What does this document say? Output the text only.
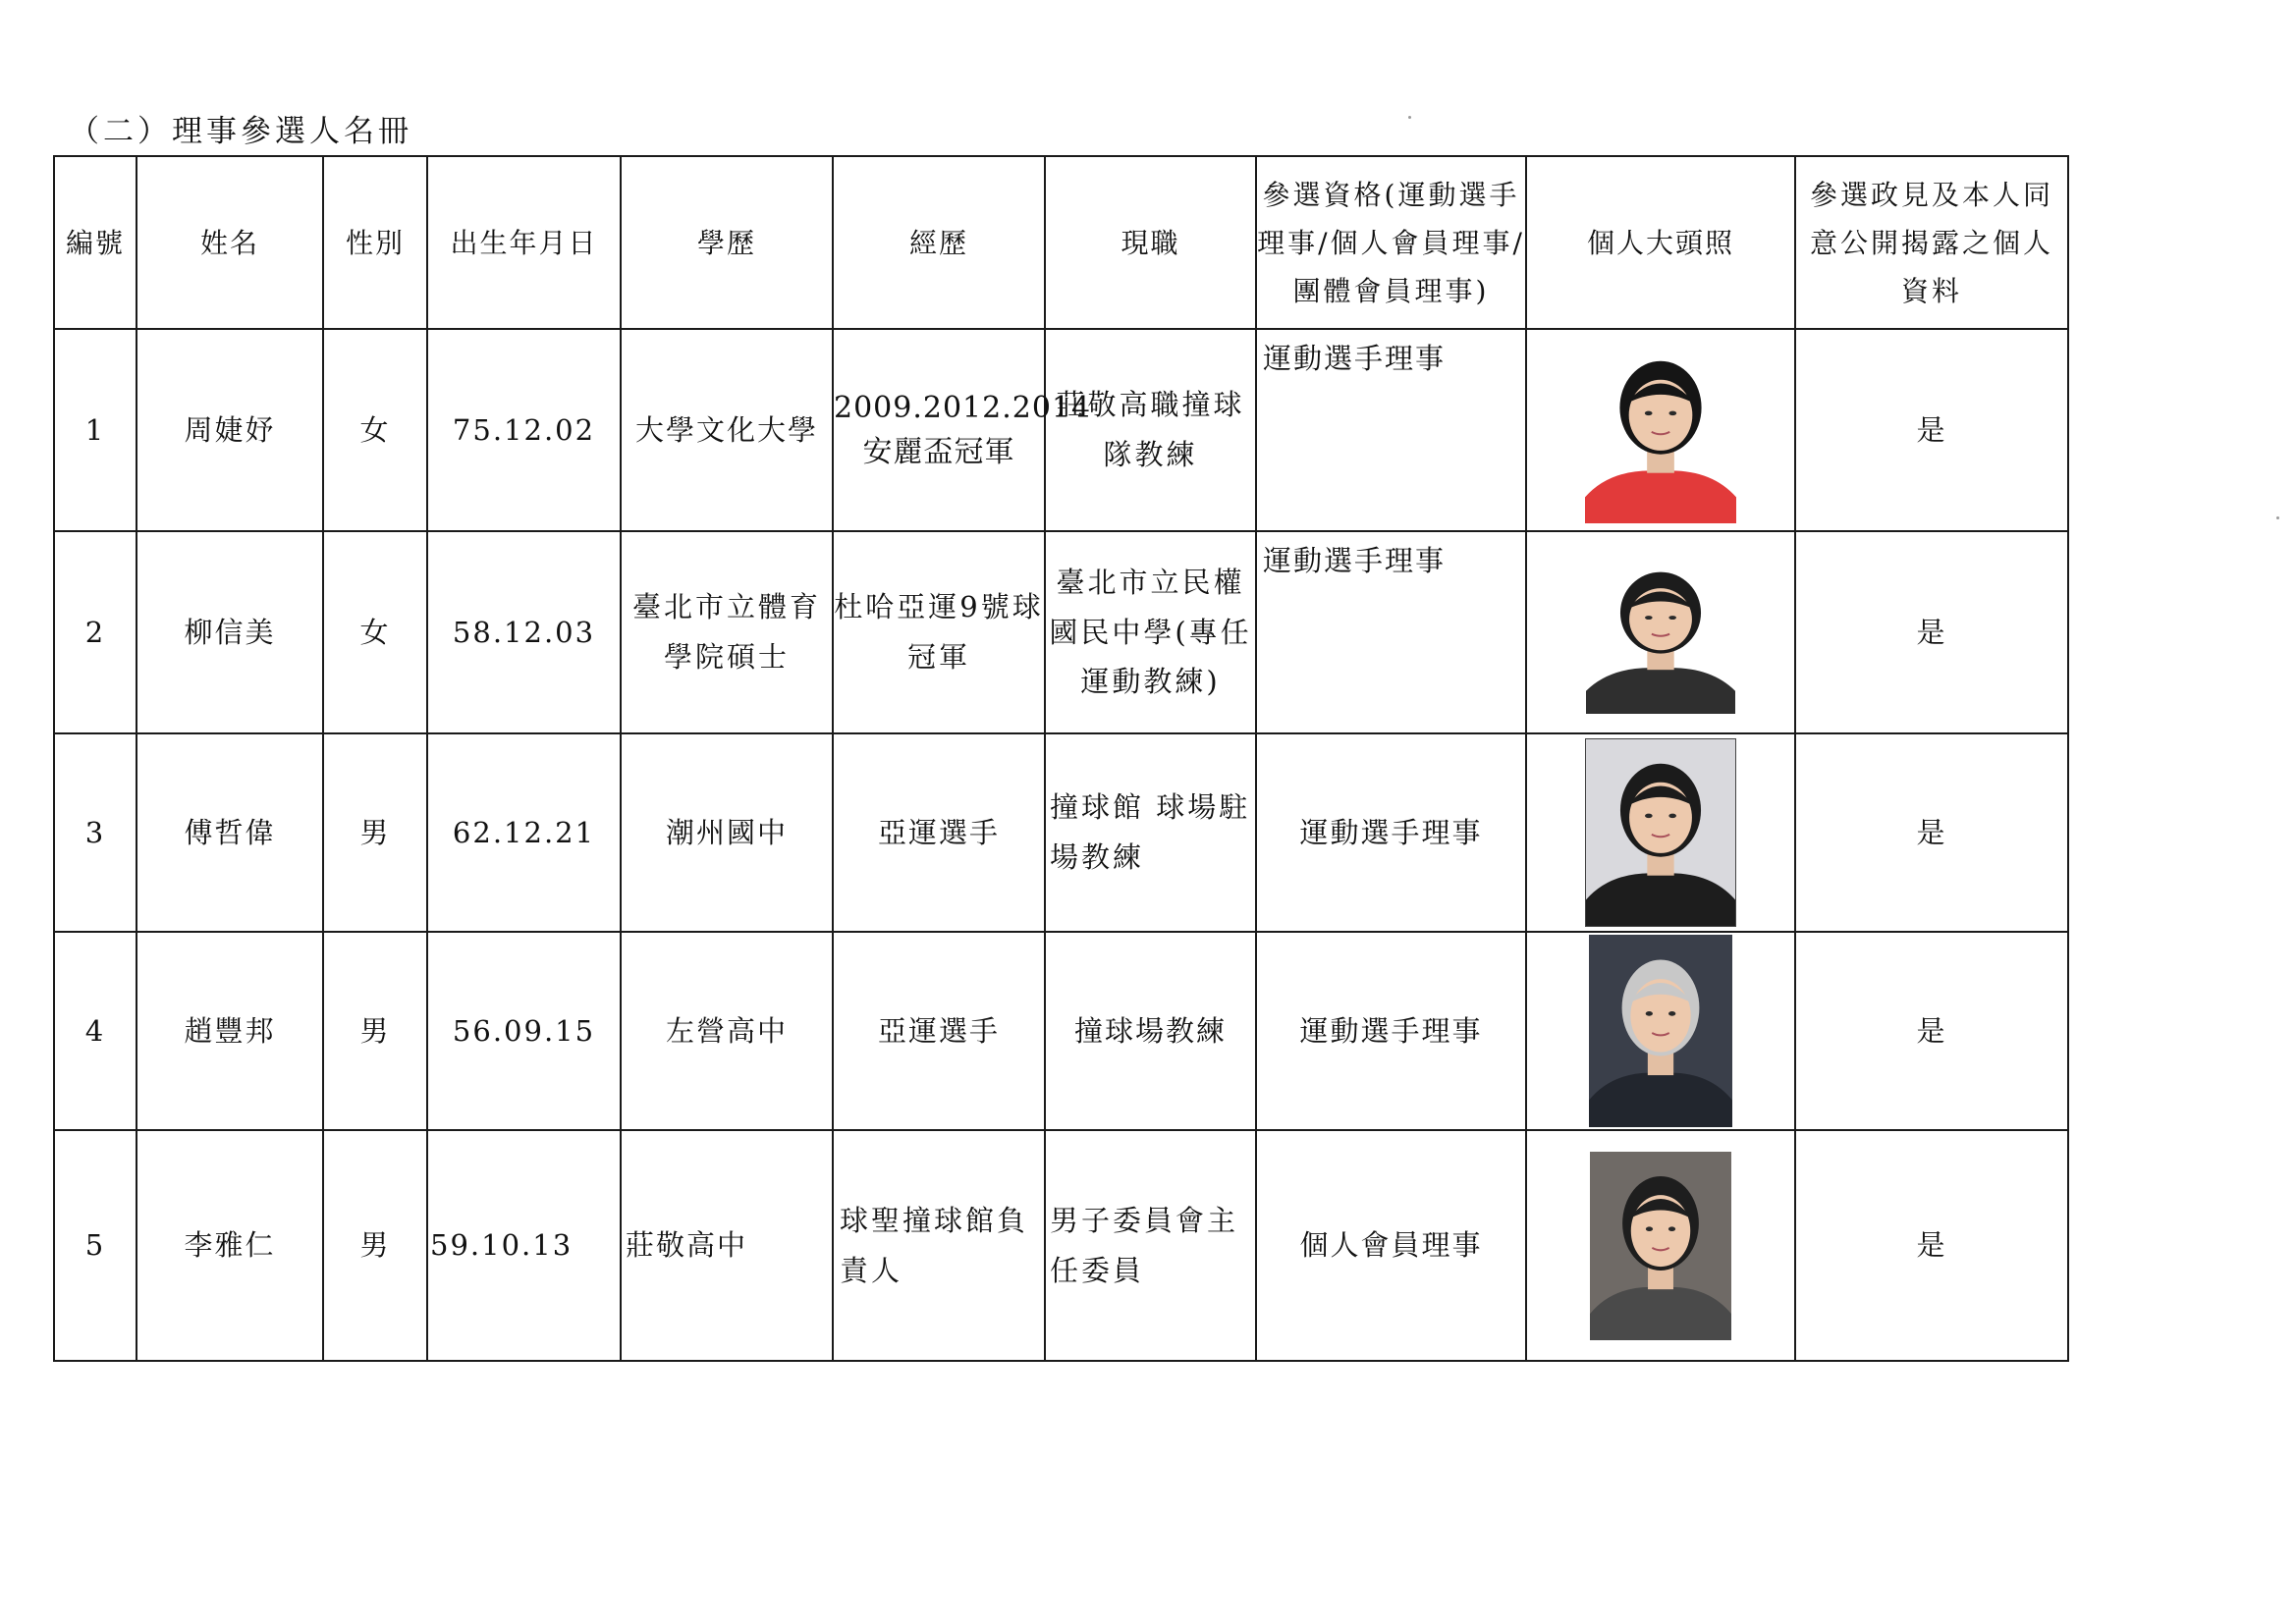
（二）理事參選人名冊
編號	姓名	性別	出生年月日	學歷	經歷	現職	參選資格(運動選手理事/個人會員理事/團體會員理事)	個人大頭照	參選政見及本人同意公開揭露之個人資料
1	周婕妤	女	75.12.02	大學文化大學	2009.2012.2014安麗盃冠軍	莊敬高職撞球隊教練	運動選手理事		是
2	柳信美	女	58.12.03	臺北市立體育學院碩士	杜哈亞運9號球冠軍	臺北市立民權國民中學(專任運動教練)	運動選手理事		是
3	傅哲偉	男	62.12.21	潮州國中	亞運選手	撞球館 球場駐場教練	運動選手理事		是
4	趙豐邦	男	56.09.15	左營高中	亞運選手	撞球場教練	運動選手理事		是
5	李雅仁	男	59.10.13	莊敬高中	球聖撞球館負責人	男子委員會主任委員	個人會員理事		是
